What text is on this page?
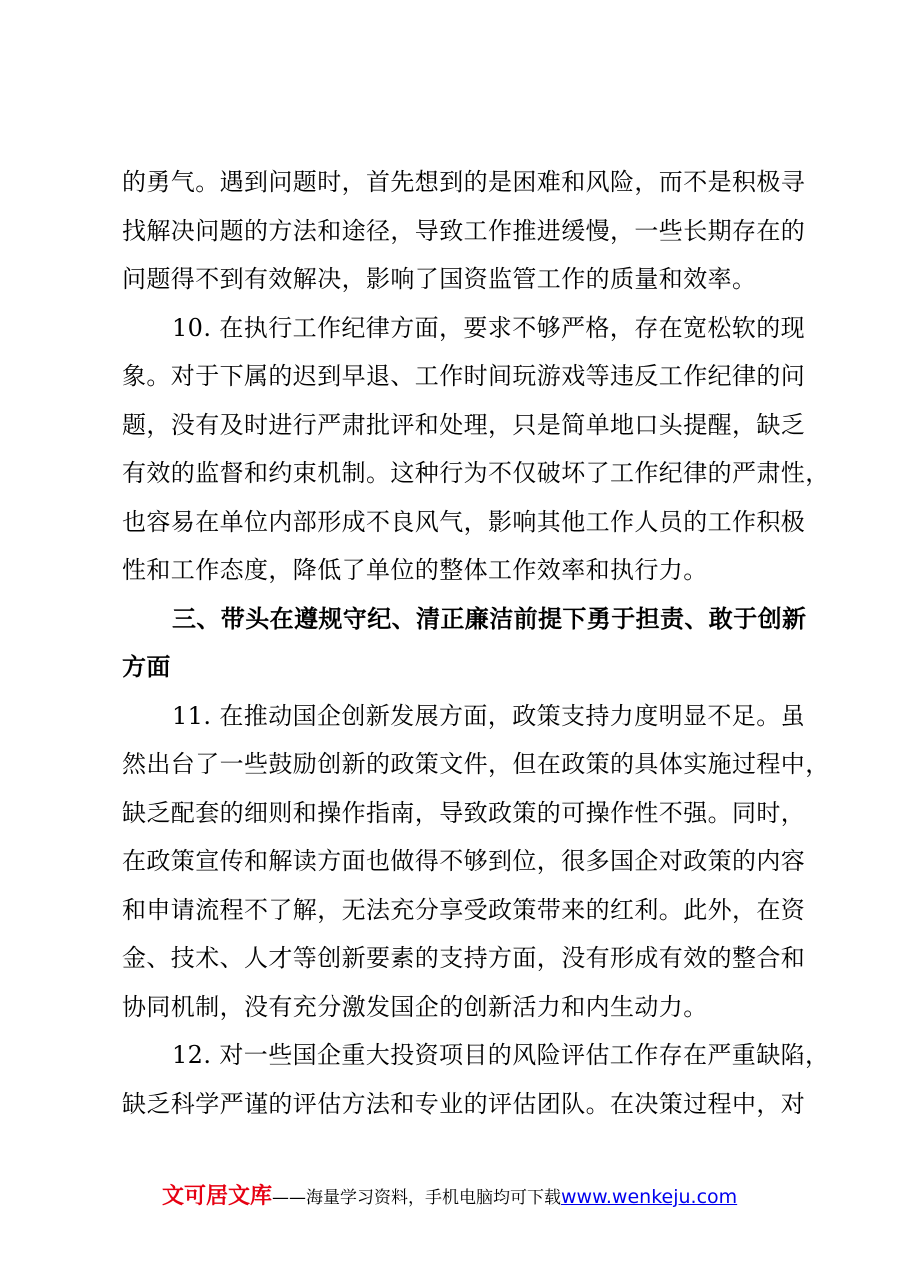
的勇气。遇到问题时，首先想到的是困难和风险，而不是积极寻
找解决问题的方法和途径，导致工作推进缓慢，一些长期存在的
问题得不到有效解决，影响了国资监管工作的质量和效率。
10. 在执行工作纪律方面，要求不够严格，存在宽松软的现
象。对于下属的迟到早退、工作时间玩游戏等违反工作纪律的问
题，没有及时进行严肃批评和处理，只是简单地口头提醒，缺乏
有效的监督和约束机制。这种行为不仅破坏了工作纪律的严肃性，
也容易在单位内部形成不良风气，影响其他工作人员的工作积极
性和工作态度，降低了单位的整体工作效率和执行力。
三、带头在遵规守纪、清正廉洁前提下勇于担责、敢于创新
方面
11. 在推动国企创新发展方面，政策支持力度明显不足。虽
然出台了一些鼓励创新的政策文件，但在政策的具体实施过程中，
缺乏配套的细则和操作指南，导致政策的可操作性不强。同时，
在政策宣传和解读方面也做得不够到位，很多国企对政策的内容
和申请流程不了解，无法充分享受政策带来的红利。此外，在资
金、技术、人才等创新要素的支持方面，没有形成有效的整合和
协同机制，没有充分激发国企的创新活力和内生动力。
12. 对一些国企重大投资项目的风险评估工作存在严重缺陷，
缺乏科学严谨的评估方法和专业的评估团队。在决策过程中，对
文可居文库——海量学习资料，手机电脑均可下载www.wenkeju.com
